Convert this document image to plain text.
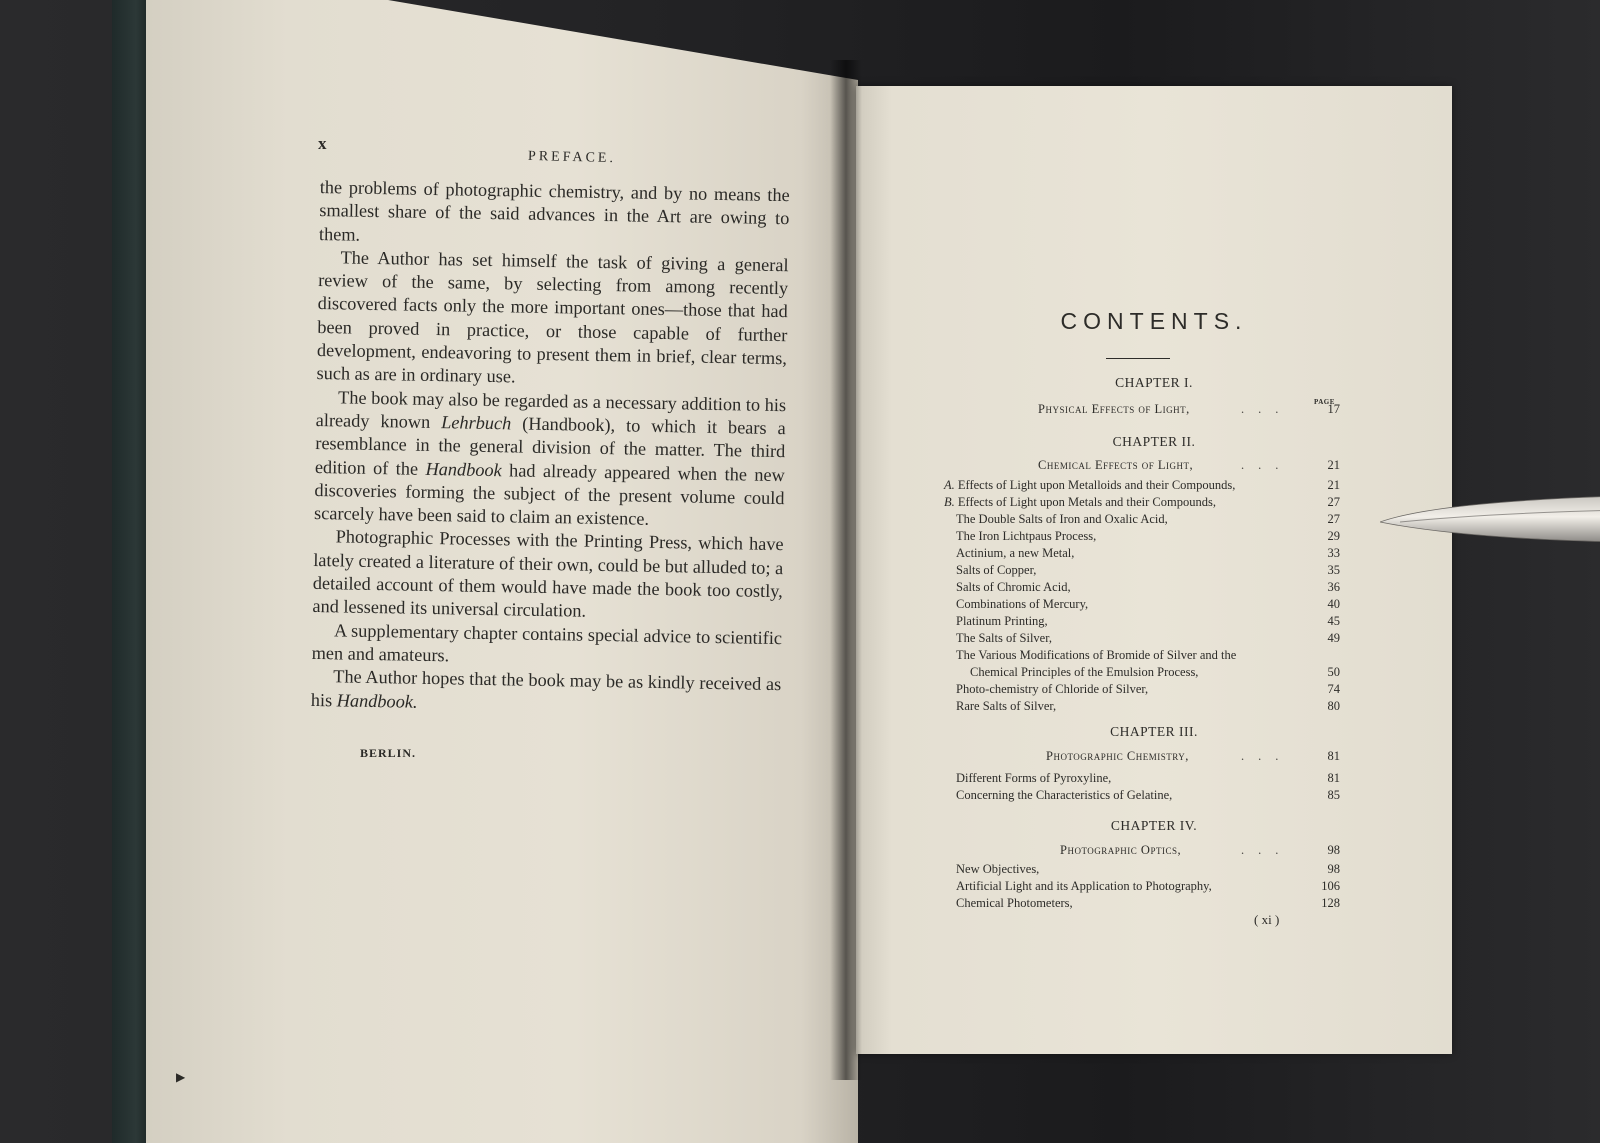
x
PREFACE.

the problems of photographic chemistry, and by no means the smallest share of the said advances in the Art are owing to them.

The Author has set himself the task of giving a general review of the same, by selecting from among recently discovered facts only the more important ones—those that had been proved in practice, or those capable of further development, endeavoring to present them in brief, clear terms, such as are in ordinary use.

The book may also be regarded as a necessary addition to his already known Lehrbuch (Handbook), to which it bears a resemblance in the general division of the matter. The third edition of the Handbook had already appeared when the new discoveries forming the subject of the present volume could scarcely have been said to claim an existence.

Photographic Processes with the Printing Press, which have lately created a literature of their own, could be but alluded to; a detailed account of them would have made the book too costly, and lessened its universal circulation.

A supplementary chapter contains special advice to scientific men and amateurs.

The Author hopes that the book may be as kindly received as his Handbook.

BERLIN.
▶
CONTENTS.
PAGE
CHAPTER I.
Physical Effects of Light,	...	17
CHAPTER II.
Chemical Effects of Light,	...	21
A. Effects of Light upon Metalloids and their Compounds,	21
B. Effects of Light upon Metals and their Compounds,	27
The Double Salts of Iron and Oxalic Acid,	27
The Iron Lichtpaus Process,	29
Actinium, a new Metal,	33
Salts of Copper,	35
Salts of Chromic Acid,	36
Combinations of Mercury,	40
Platinum Printing,	45
The Salts of Silver,	49
The Various Modifications of Bromide of Silver and the
Chemical Principles of the Emulsion Process,	50
Photo-chemistry of Chloride of Silver,	74
Rare Salts of Silver,	80
CHAPTER III.
Photographic Chemistry,	...	81
Different Forms of Pyroxyline,	81
Concerning the Characteristics of Gelatine,	85
CHAPTER IV.
Photographic Optics,	...	98
New Objectives,	98
Artificial Light and its Application to Photography,	106
Chemical Photometers,	128
( xi )
